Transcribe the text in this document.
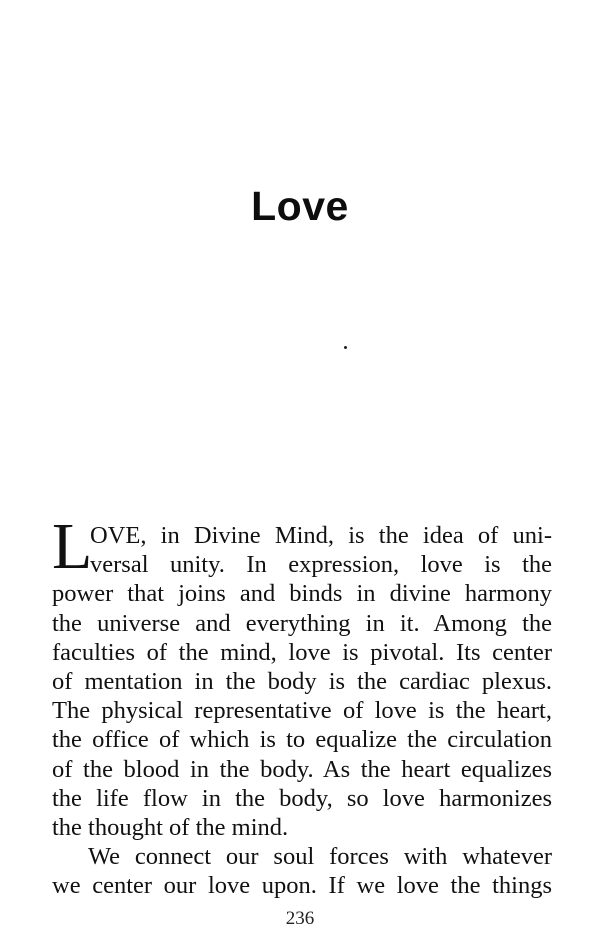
Love
L

OVE, in Divine Mind, is the idea of uni-
versal unity. In expression, love is the
power that joins and binds in divine harmony
the universe and everything in it. Among the
faculties of the mind, love is pivotal. Its center
of mentation in the body is the cardiac plexus.
The physical representative of love is the heart,
the office of which is to equalize the circulation
of the blood in the body. As the heart equalizes
the life flow in the body, so love harmonizes
the thought of the mind.

We connect our soul forces with whatever
we center our love upon. If we love the things

236
